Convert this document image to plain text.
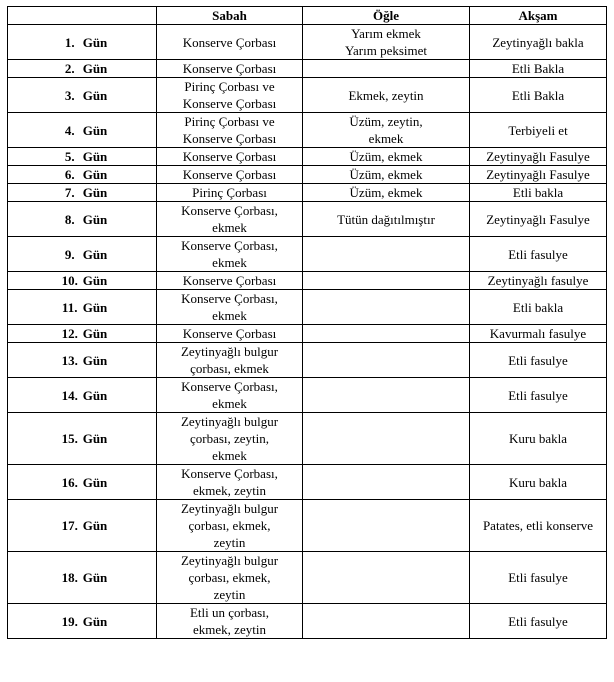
	Sabah	Öğle	Akşam
1. Gün	Konserve Çorbası	Yarım ekmek
Yarım peksimet	Zeytinyağlı bakla
2. Gün	Konserve Çorbası		Etli Bakla
3. Gün	Pirinç Çorbası ve
Konserve Çorbası	Ekmek, zeytin	Etli Bakla
4. Gün	Pirinç Çorbası ve
Konserve Çorbası	Üzüm, zeytin,
ekmek	Terbiyeli et
5. Gün	Konserve Çorbası	Üzüm, ekmek	Zeytinyağlı Fasulye
6. Gün	Konserve Çorbası	Üzüm, ekmek	Zeytinyağlı Fasulye
7. Gün	Pirinç Çorbası	Üzüm, ekmek	Etli bakla
8. Gün	Konserve Çorbası,
ekmek	Tütün dağıtılmıştır	Zeytinyağlı Fasulye
9. Gün	Konserve Çorbası,
ekmek		Etli fasulye
10. Gün	Konserve Çorbası		Zeytinyağlı fasulye
11. Gün	Konserve Çorbası,
ekmek		Etli bakla
12. Gün	Konserve Çorbası		Kavurmalı fasulye
13. Gün	Zeytinyağlı bulgur
çorbası, ekmek		Etli fasulye
14. Gün	Konserve Çorbası,
ekmek		Etli fasulye
15. Gün	Zeytinyağlı bulgur
çorbası, zeytin,
ekmek		Kuru bakla
16. Gün	Konserve Çorbası,
ekmek, zeytin		Kuru bakla
17. Gün	Zeytinyağlı bulgur
çorbası, ekmek,
zeytin		Patates, etli konserve
18. Gün	Zeytinyağlı bulgur
çorbası, ekmek,
zeytin		Etli fasulye
19. Gün	Etli un çorbası,
ekmek, zeytin		Etli fasulye
